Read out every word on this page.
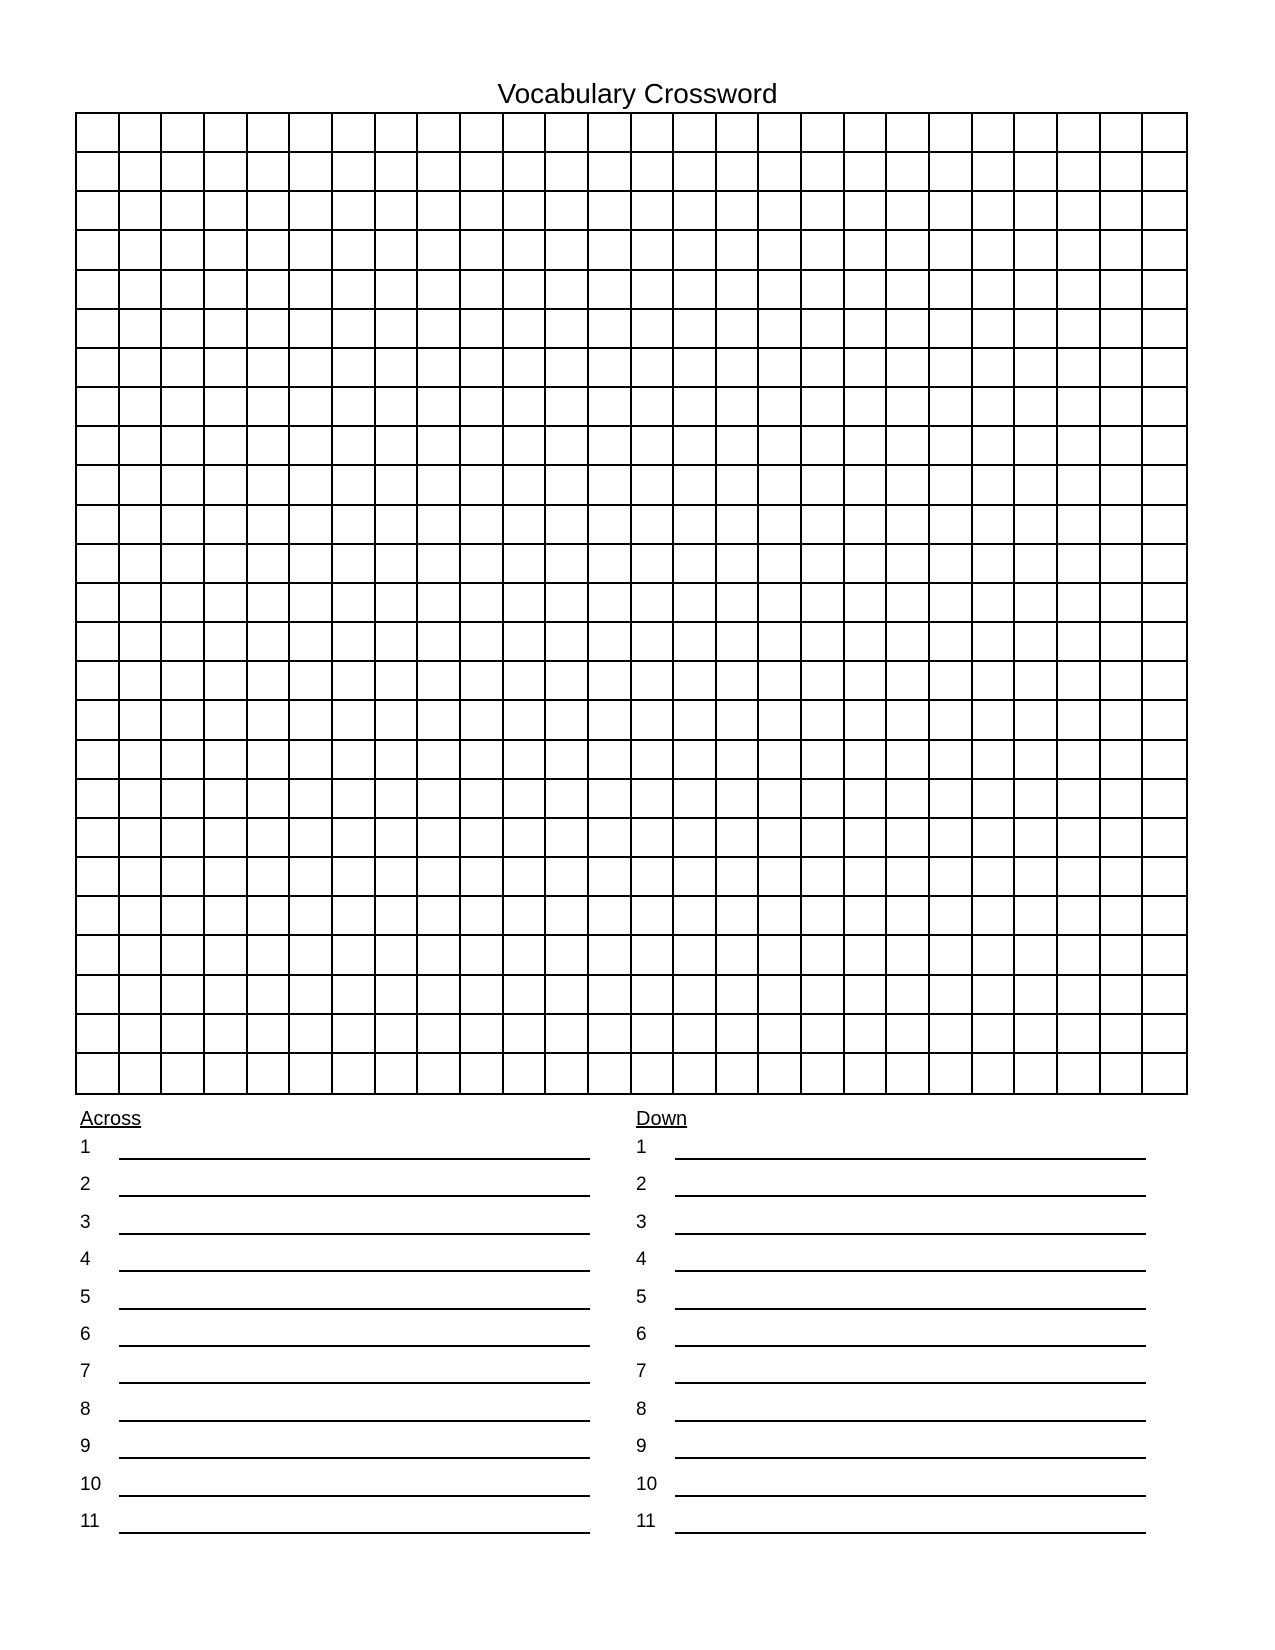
Vocabulary Crossword
Across
1
2
3
4
5
6
7
8
9
10
11
Down
1
2
3
4
5
6
7
8
9
10
11
